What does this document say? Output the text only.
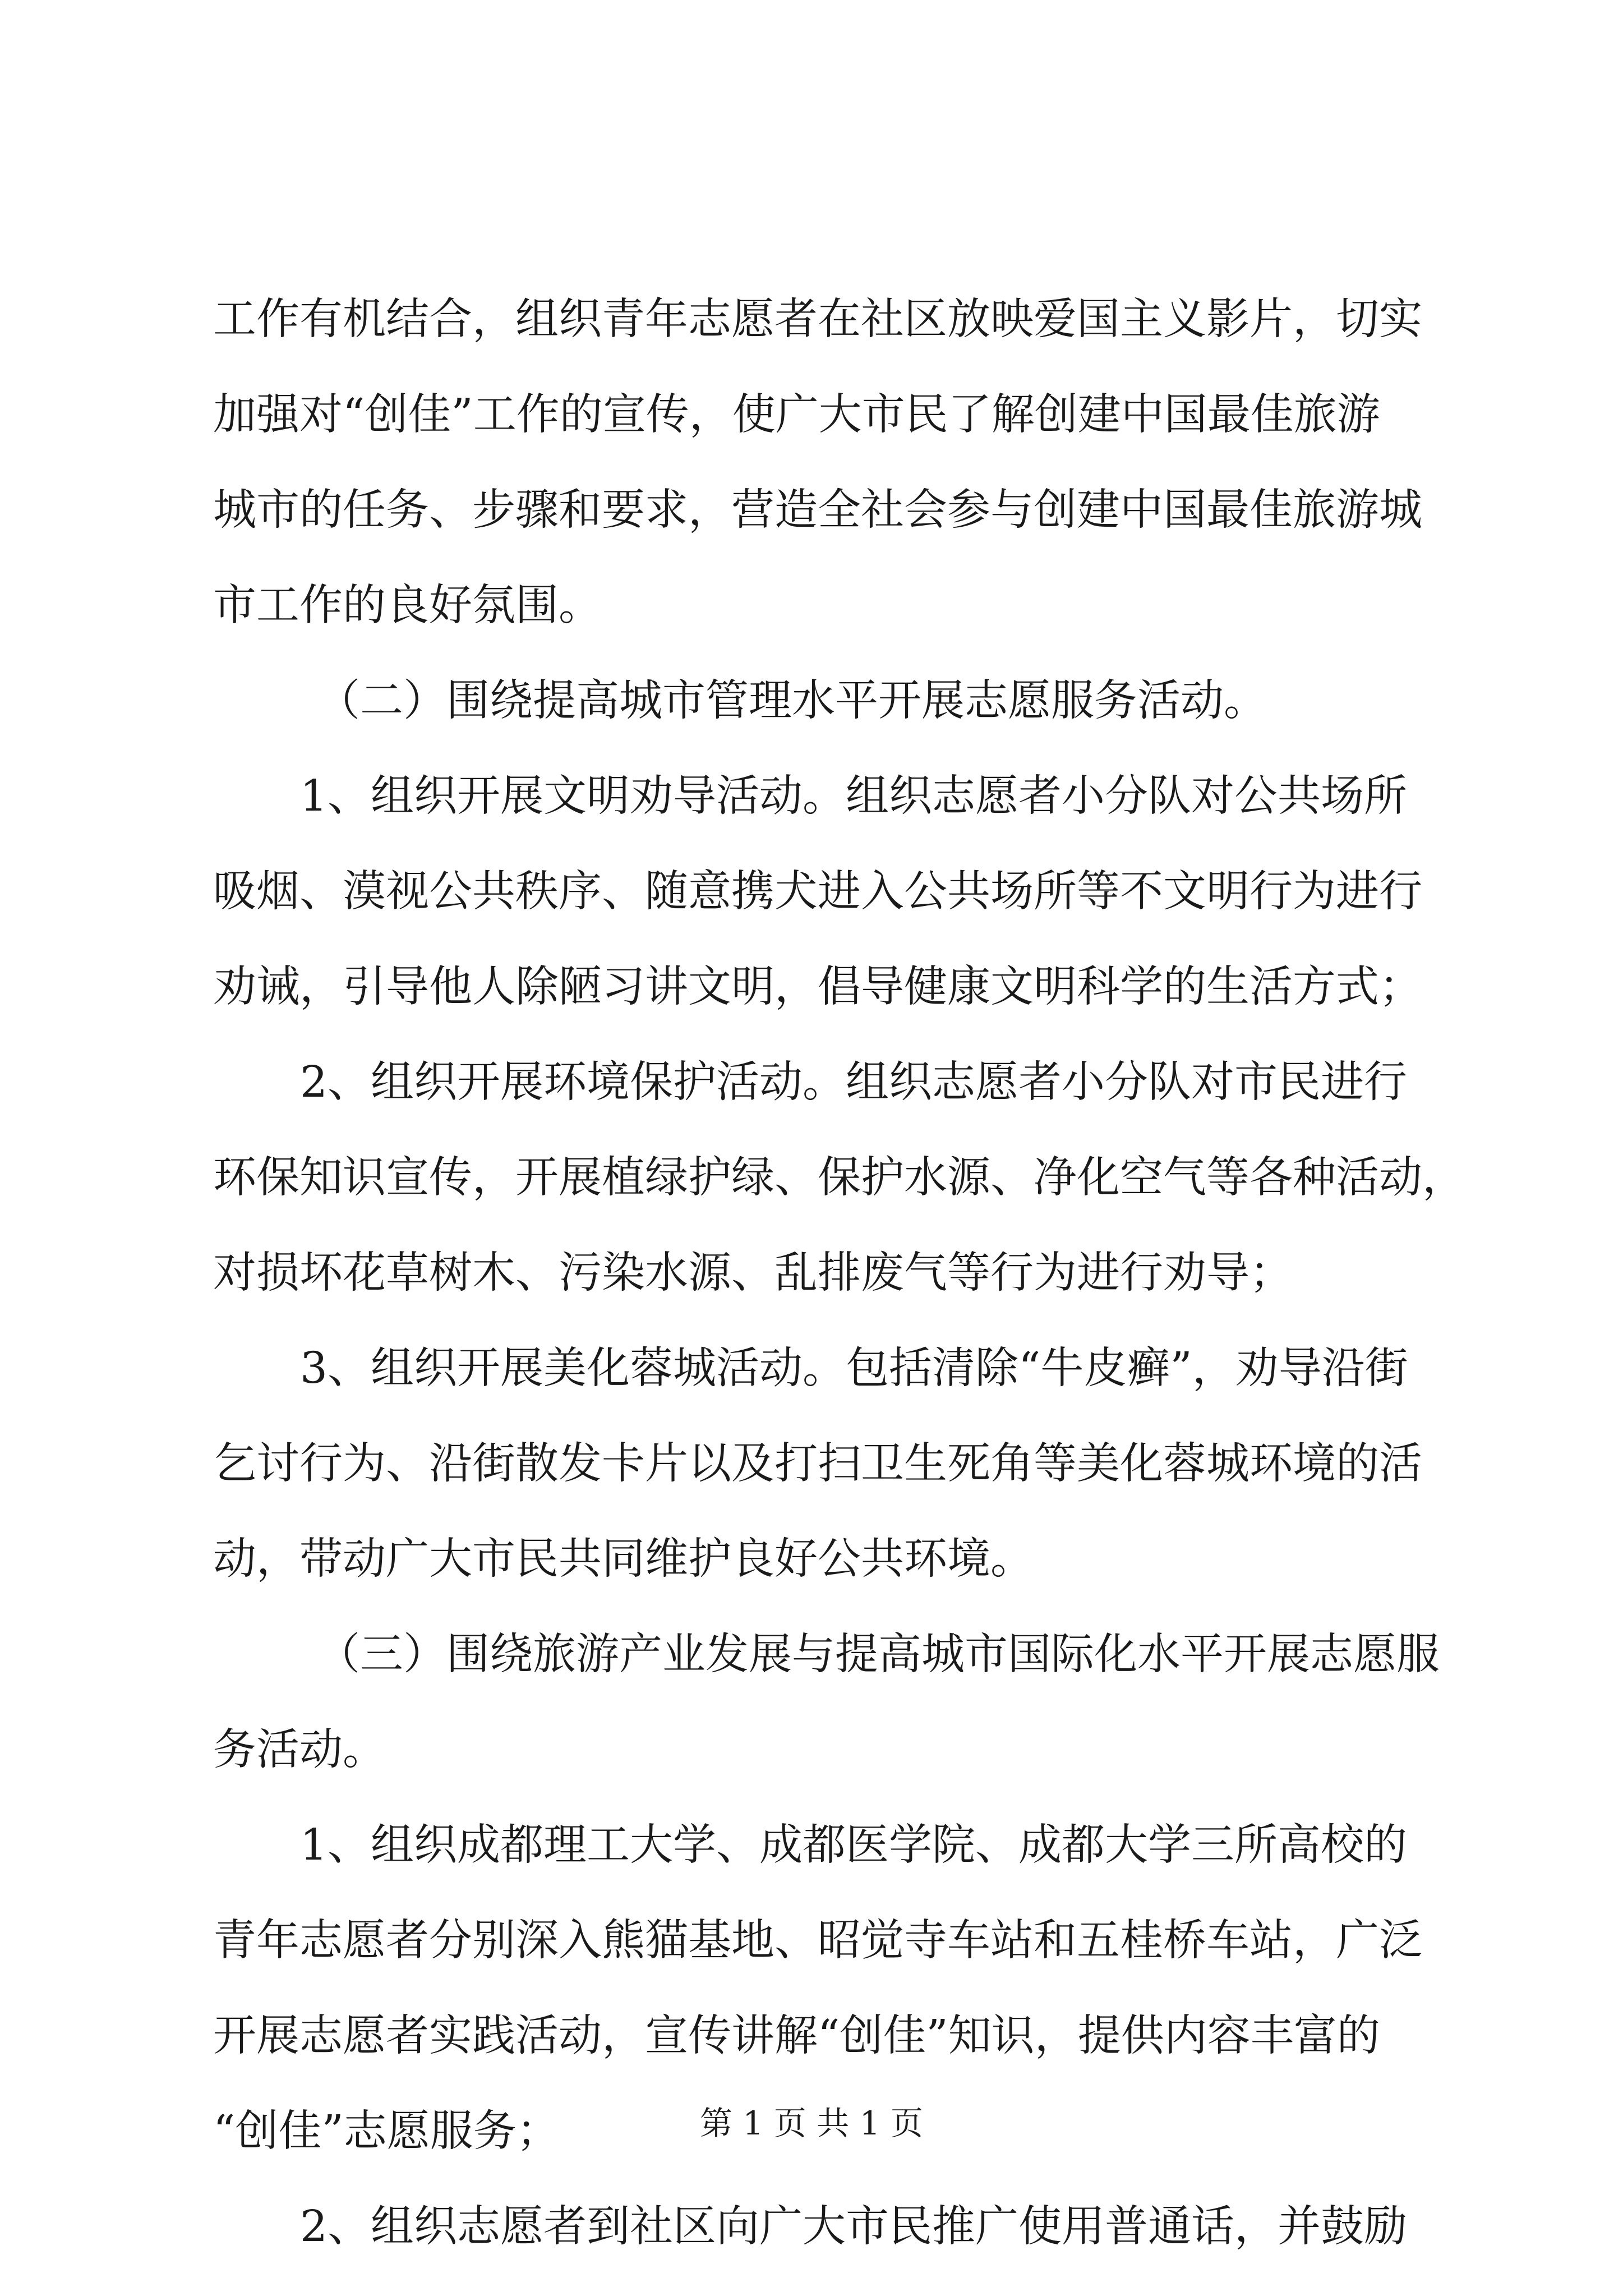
工作有机结合，组织青年志愿者在社区放映爱国主义影片，切实
加强对“创佳”工作的宣传，使广大市民了解创建中国最佳旅游
城市的任务、步骤和要求，营造全社会参与创建中国最佳旅游城
市工作的良好氛围。
（二）围绕提高城市管理水平开展志愿服务活动。
1、组织开展文明劝导活动。组织志愿者小分队对公共场所
吸烟、漠视公共秩序、随意携犬进入公共场所等不文明行为进行
劝诫，引导他人除陋习讲文明，倡导健康文明科学的生活方式；
2、组织开展环境保护活动。组织志愿者小分队对市民进行
环保知识宣传，开展植绿护绿、保护水源、净化空气等各种活动，
对损坏花草树木、污染水源、乱排废气等行为进行劝导；
3、组织开展美化蓉城活动。包括清除“牛皮癣”，劝导沿街
乞讨行为、沿街散发卡片以及打扫卫生死角等美化蓉城环境的活
动，带动广大市民共同维护良好公共环境。
（三）围绕旅游产业发展与提高城市国际化水平开展志愿服
务活动。
1、组织成都理工大学、成都医学院、成都大学三所高校的
青年志愿者分别深入熊猫基地、昭觉寺车站和五桂桥车站，广泛
开展志愿者实践活动，宣传讲解“创佳”知识，提供内容丰富的
“创佳”志愿服务；
2、组织志愿者到社区向广大市民推广使用普通话，并鼓励
第 1 页 共 1 页
